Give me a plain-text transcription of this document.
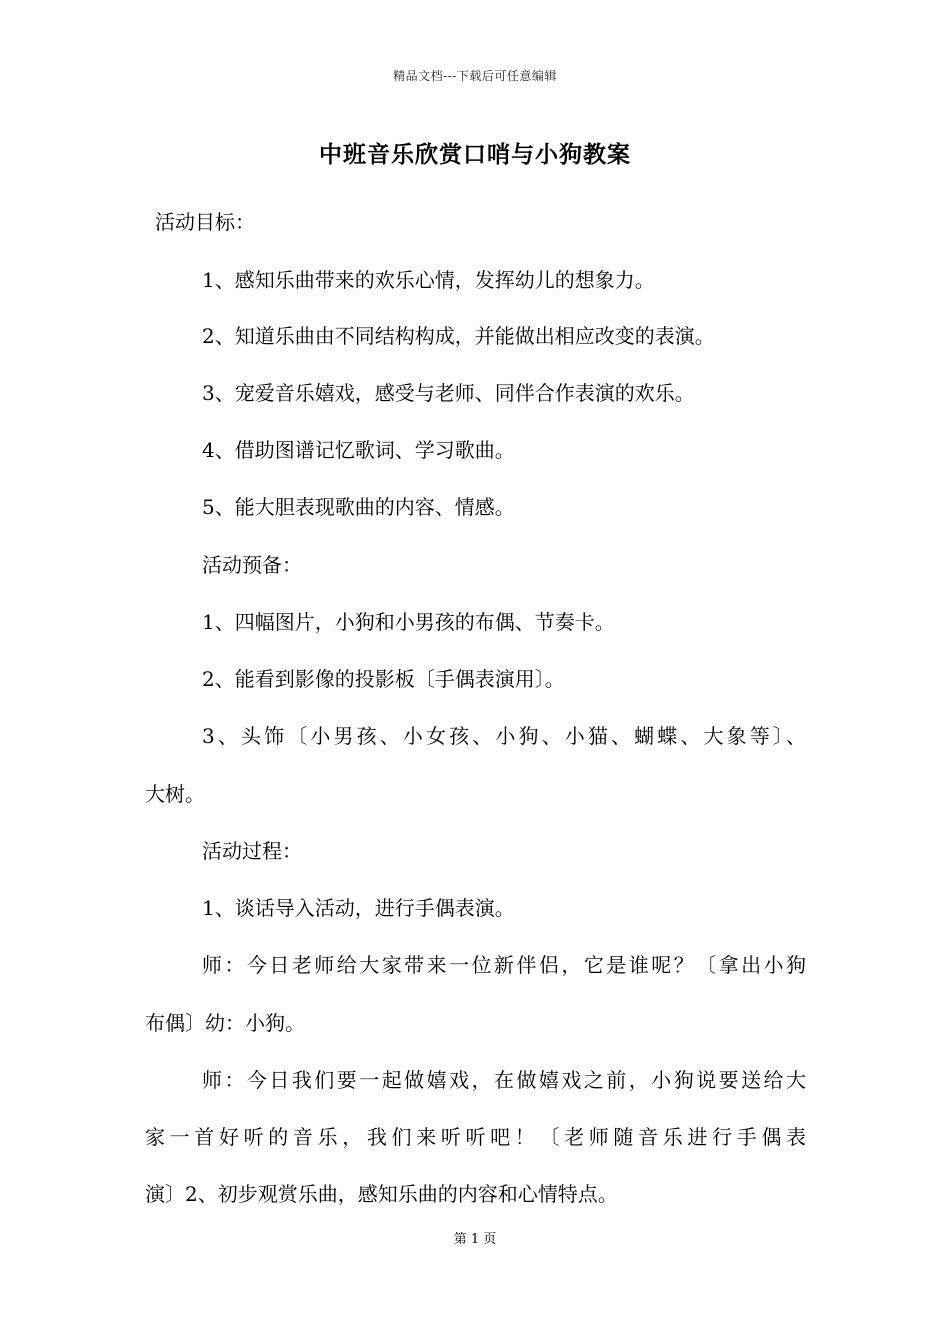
精品文档---下载后可任意编辑
中班音乐欣赏口哨与小狗教案
活动目标：
1、感知乐曲带来的欢乐心情，发挥幼儿的想象力。
2、知道乐曲由不同结构构成，并能做出相应改变的表演。
3、宠爱音乐嬉戏，感受与老师、同伴合作表演的欢乐。
4、借助图谱记忆歌词、学习歌曲。
5、能大胆表现歌曲的内容、情感。
活动预备：
1、四幅图片，小狗和小男孩的布偶、节奏卡。
2、能看到影像的投影板〔手偶表演用〕。
3、头饰〔小男孩、小女孩、小狗、小猫、蝴蝶、大象等〕、
大树。
活动过程：
1、谈话导入活动，进行手偶表演。
师：今日老师给大家带来一位新伴侣，它是谁呢？〔拿出小狗
布偶〕幼：小狗。
师：今日我们要一起做嬉戏，在做嬉戏之前，小狗说要送给大
家一首好听的音乐，我们来听听吧！〔老师随音乐进行手偶表
演〕2、初步观赏乐曲，感知乐曲的内容和心情特点。
第 1 页
